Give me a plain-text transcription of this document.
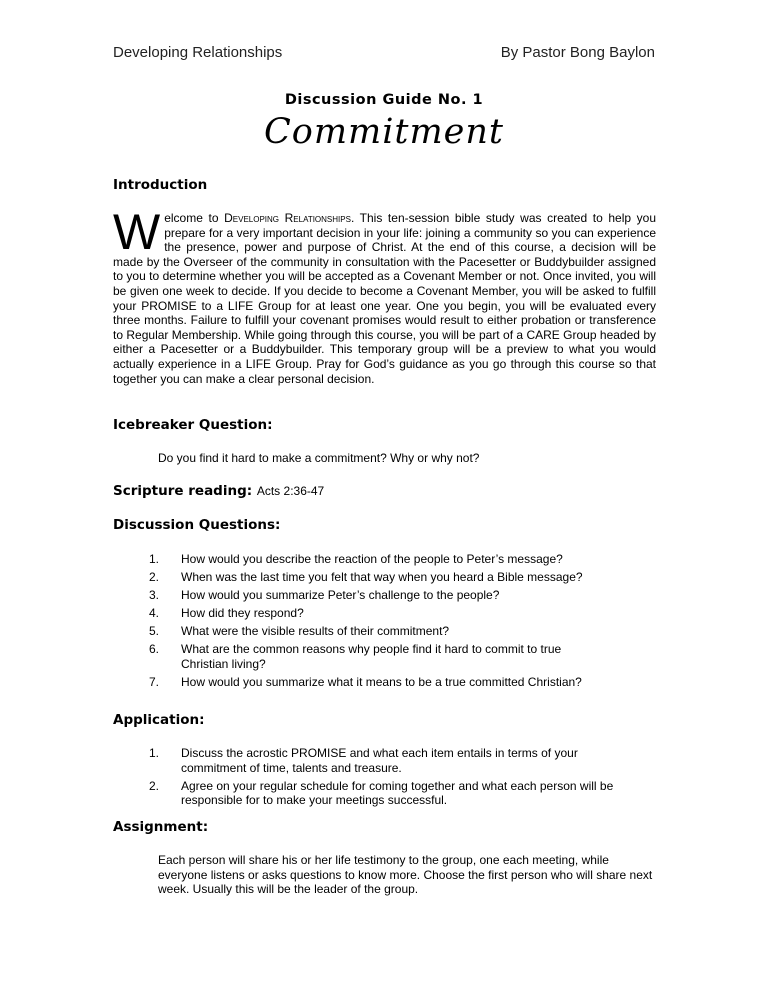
Developing Relationships	By Pastor Bong Baylon
Discussion Guide No. 1
Commitment
Introduction
Welcome to Developing Relationships. This ten-session bible study was created to help you prepare for a very important decision in your life: joining a community so you can experience the presence, power and purpose of Christ. At the end of this course, a decision will be made by the Overseer of the community in consultation with the Pacesetter or Buddybuilder assigned to you to determine whether you will be accepted as a Covenant Member or not. Once invited, you will be given one week to decide. If you decide to become a Covenant Member, you will be asked to fulfill your PROMISE to a LIFE Group for at least one year. One you begin, you will be evaluated every three months. Failure to fulfill your covenant promises would result to either probation or transference to Regular Membership. While going through this course, you will be part of a CARE Group headed by either a Pacesetter or a Buddybuilder. This temporary group will be a preview to what you would actually experience in a LIFE Group. Pray for God’s guidance as you go through this course so that together you can make a clear personal decision.
Icebreaker Question:
Do you find it hard to make a commitment? Why or why not?
Scripture reading: Acts 2:36-47
Discussion Questions:
1. How would you describe the reaction of the people to Peter’s message?
2. When was the last time you felt that way when you heard a Bible message?
3. How would you summarize Peter’s challenge to the people?
4. How did they respond?
5. What were the visible results of their commitment?
6. What are the common reasons why people find it hard to commit to true Christian living?
7. How would you summarize what it means to be a true committed Christian?
Application:
1. Discuss the acrostic PROMISE and what each item entails in terms of your commitment of time, talents and treasure.
2. Agree on your regular schedule for coming together and what each person will be responsible for to make your meetings successful.
Assignment:
Each person will share his or her life testimony to the group, one each meeting, while everyone listens or asks questions to know more. Choose the first person who will share next week. Usually this will be the leader of the group.
